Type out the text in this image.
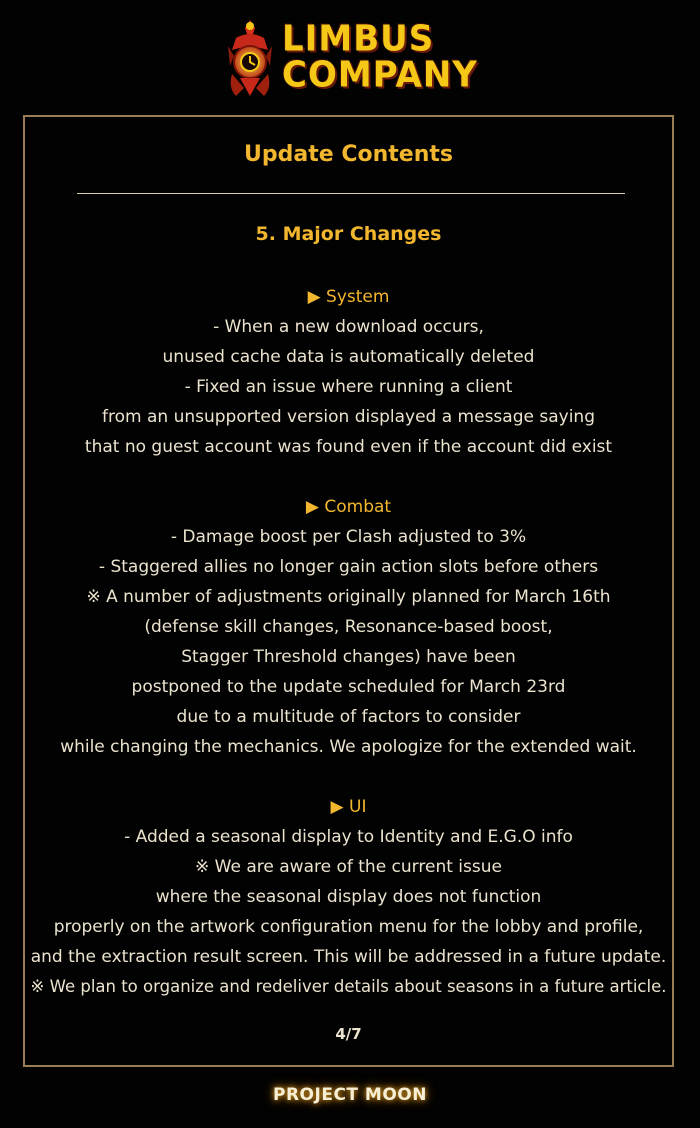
LIMBUS
COMPANY
Update Contents
5. Major Changes
▶ System
- When a new download occurs,
unused cache data is automatically deleted
- Fixed an issue where running a client
from an unsupported version displayed a message saying
that no guest account was found even if the account did exist
▶ Combat
- Damage boost per Clash adjusted to 3%
- Staggered allies no longer gain action slots before others
※ A number of adjustments originally planned for March 16th
(defense skill changes, Resonance-based boost,
Stagger Threshold changes) have been
postponed to the update scheduled for March 23rd
due to a multitude of factors to consider
while changing the mechanics. We apologize for the extended wait.
▶ UI
- Added a seasonal display to Identity and E.G.O info
※ We are aware of the current issue
where the seasonal display does not function
properly on the artwork configuration menu for the lobby and profile,
and the extraction result screen. This will be addressed in a future update.
※ We plan to organize and redeliver details about seasons in a future article.
4/7
PROJECT MOON
